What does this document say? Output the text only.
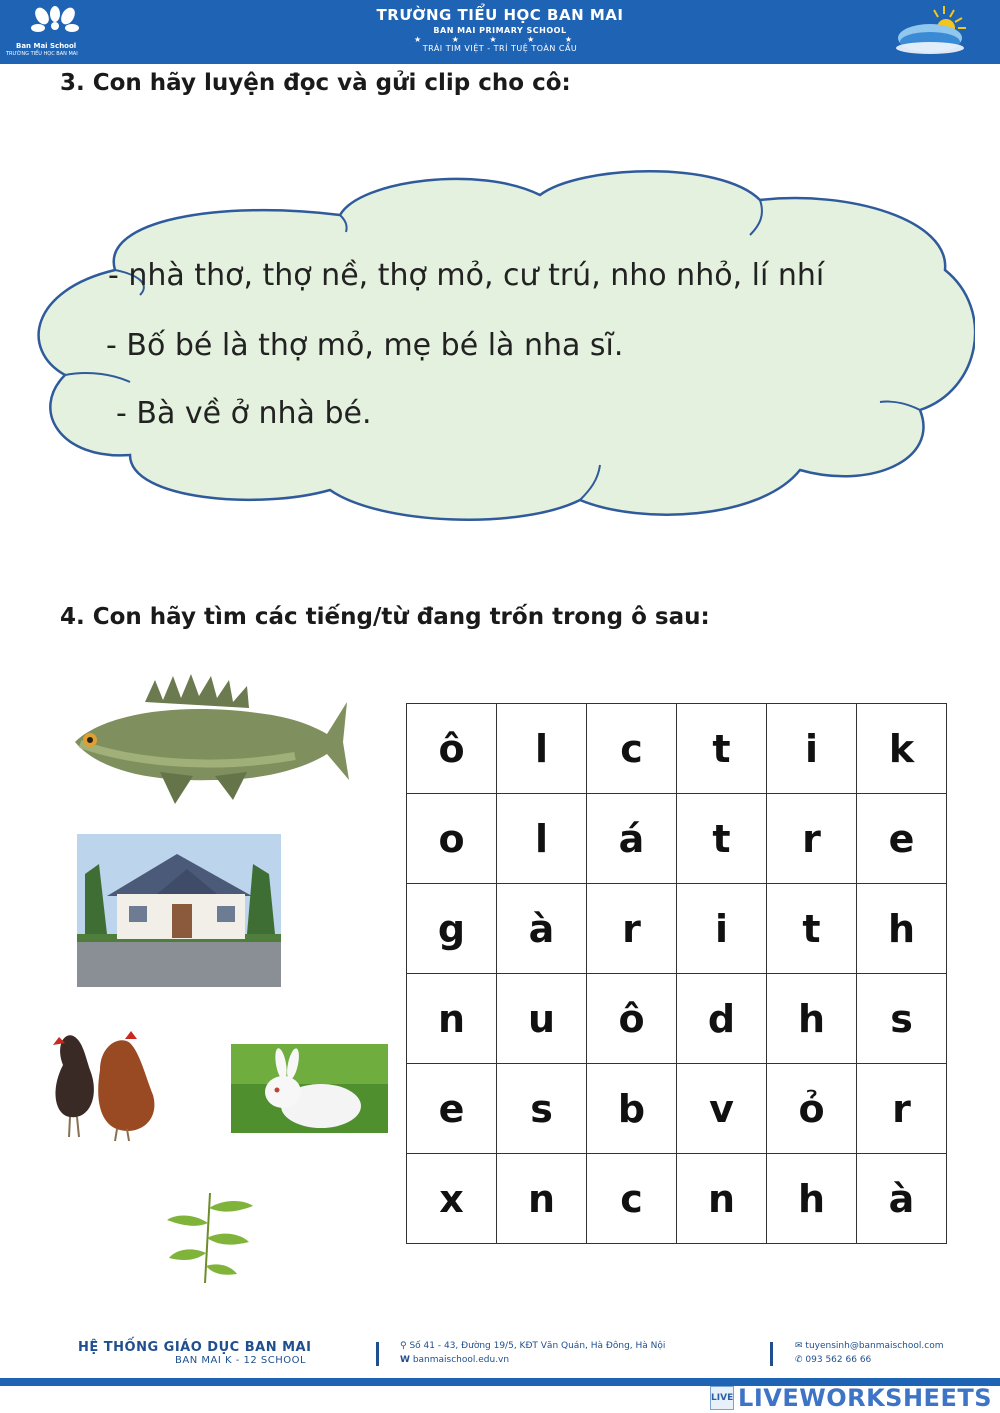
Ban Mai School
TRƯỜNG TIỂU HỌC BAN MAI
TRƯỜNG TIỂU HỌC BAN MAI
BAN MAI PRIMARY SCHOOL
★ ★ ★ ★ ★
TRÁI TIM VIỆT - TRÍ TUỆ TOÀN CẦU
3. Con hãy luyện đọc và gửi clip cho cô:
- nhà thơ, thợ nề, thợ mỏ, cư trú, nho nhỏ, lí nhí
- Bố bé là thợ mỏ, mẹ bé là nha sĩ.
- Bà về ở nhà bé.
4. Con hãy tìm các tiếng/từ đang trốn trong ô sau:
ô	l	c	t	i	k
o	l	á	t	r	e
g	à	r	i	t	h
n	u	ô	d	h	s
e	s	b	v	ỏ	r
x	n	c	n	h	à
HỆ THỐNG GIÁO DỤC BAN MAI
BAN MAI K - 12 SCHOOL
⚲ Số 41 - 43, Đường 19/5, KĐT Văn Quán, Hà Đông, Hà Nội
W banmaischool.edu.vn
✉ tuyensinh@banmaischool.com
✆ 093 562 66 66
LIVE LIVEWORKSHEETS
